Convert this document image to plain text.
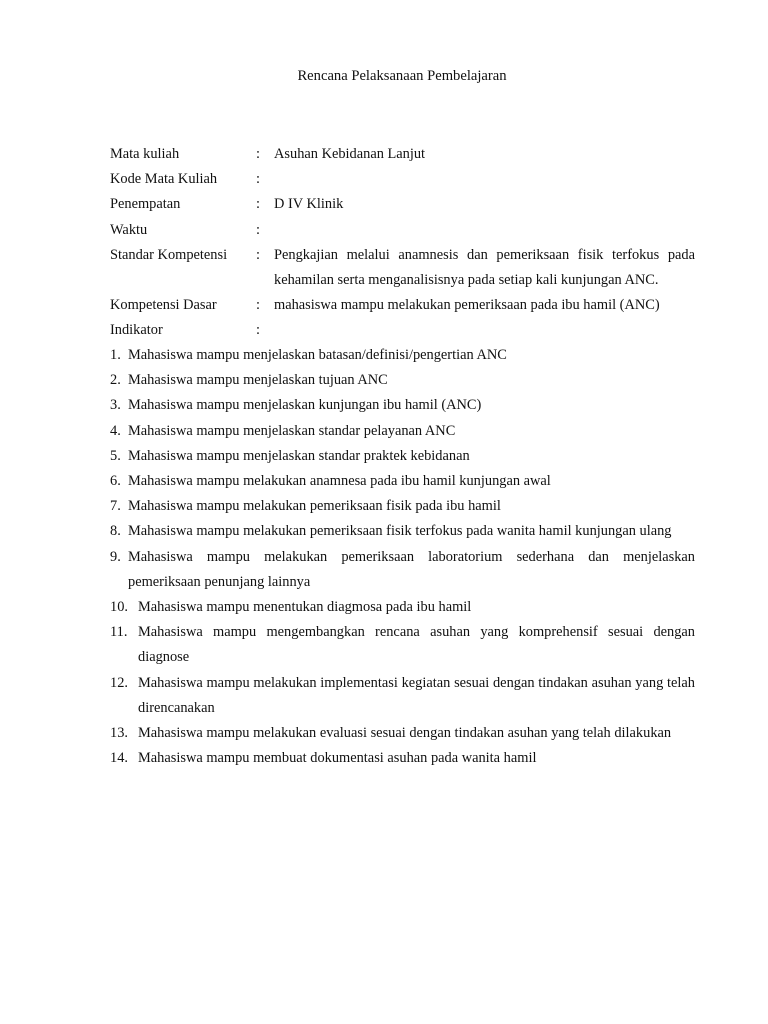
Rencana Pelaksanaan Pembelajaran
Mata kuliah	: Asuhan Kebidanan Lanjut
Kode Mata Kuliah	:
Penempatan	: D IV Klinik
Waktu	:
Standar Kompetensi	: Pengkajian melalui anamnesis dan pemeriksaan fisik terfokus pada kehamilan serta menganalisisnya pada setiap kali kunjungan ANC.
Kompetensi Dasar	: mahasiswa mampu melakukan pemeriksaan pada ibu hamil (ANC)
Indikator	:
1. Mahasiswa mampu menjelaskan batasan/definisi/pengertian ANC
2. Mahasiswa mampu menjelaskan tujuan ANC
3. Mahasiswa mampu menjelaskan kunjungan ibu hamil (ANC)
4. Mahasiswa mampu menjelaskan standar pelayanan ANC
5. Mahasiswa mampu menjelaskan standar praktek kebidanan
6. Mahasiswa mampu melakukan anamnesa pada ibu hamil kunjungan awal
7. Mahasiswa mampu melakukan pemeriksaan fisik pada ibu hamil
8. Mahasiswa mampu melakukan pemeriksaan fisik terfokus pada wanita hamil kunjungan ulang
9. Mahasiswa mampu melakukan pemeriksaan laboratorium sederhana dan menjelaskan pemeriksaan penunjang lainnya
10. Mahasiswa mampu menentukan diagmosa pada ibu hamil
11. Mahasiswa mampu mengembangkan rencana asuhan yang komprehensif sesuai dengan diagnose
12. Mahasiswa mampu melakukan implementasi kegiatan sesuai dengan tindakan asuhan yang telah direncanakan
13. Mahasiswa mampu melakukan evaluasi sesuai dengan tindakan asuhan yang telah dilakukan
14. Mahasiswa mampu membuat dokumentasi asuhan pada wanita hamil
